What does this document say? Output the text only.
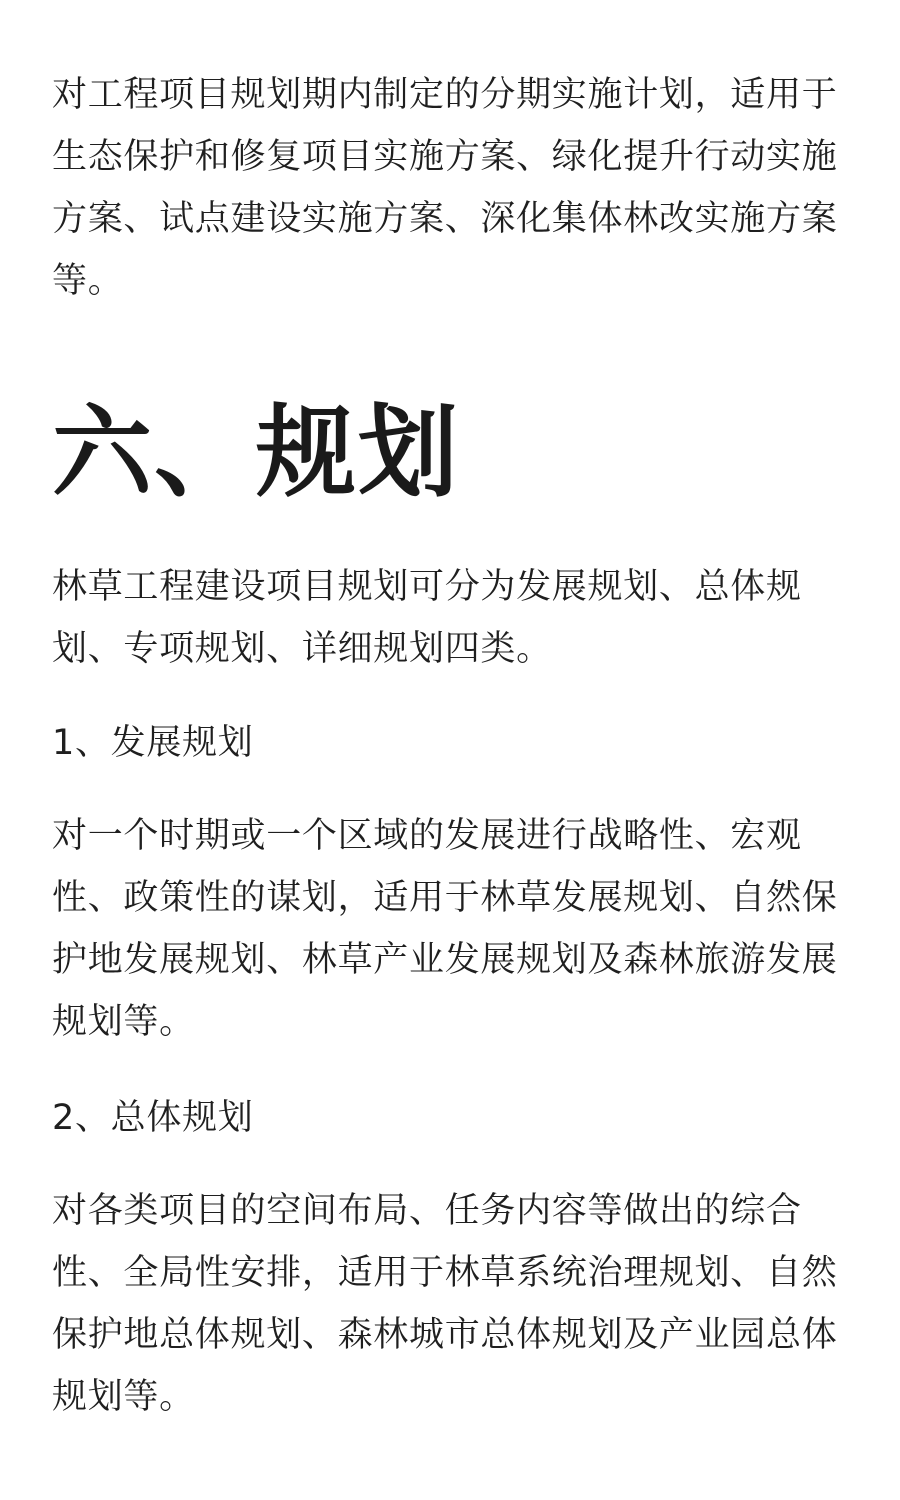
对工程项目规划期内制定的分期实施计划，适用于生态保护和修复项目实施方案、绿化提升行动实施方案、试点建设实施方案、深化集体林改实施方案等。

六、规划

林草工程建设项目规划可分为发展规划、总体规划、专项规划、详细规划四类。

1、发展规划

对一个时期或一个区域的发展进行战略性、宏观性、政策性的谋划，适用于林草发展规划、自然保护地发展规划、林草产业发展规划及森林旅游发展规划等。

2、总体规划

对各类项目的空间布局、任务内容等做出的综合性、全局性安排，适用于林草系统治理规划、自然保护地总体规划、森林城市总体规划及产业园总体规划等。
